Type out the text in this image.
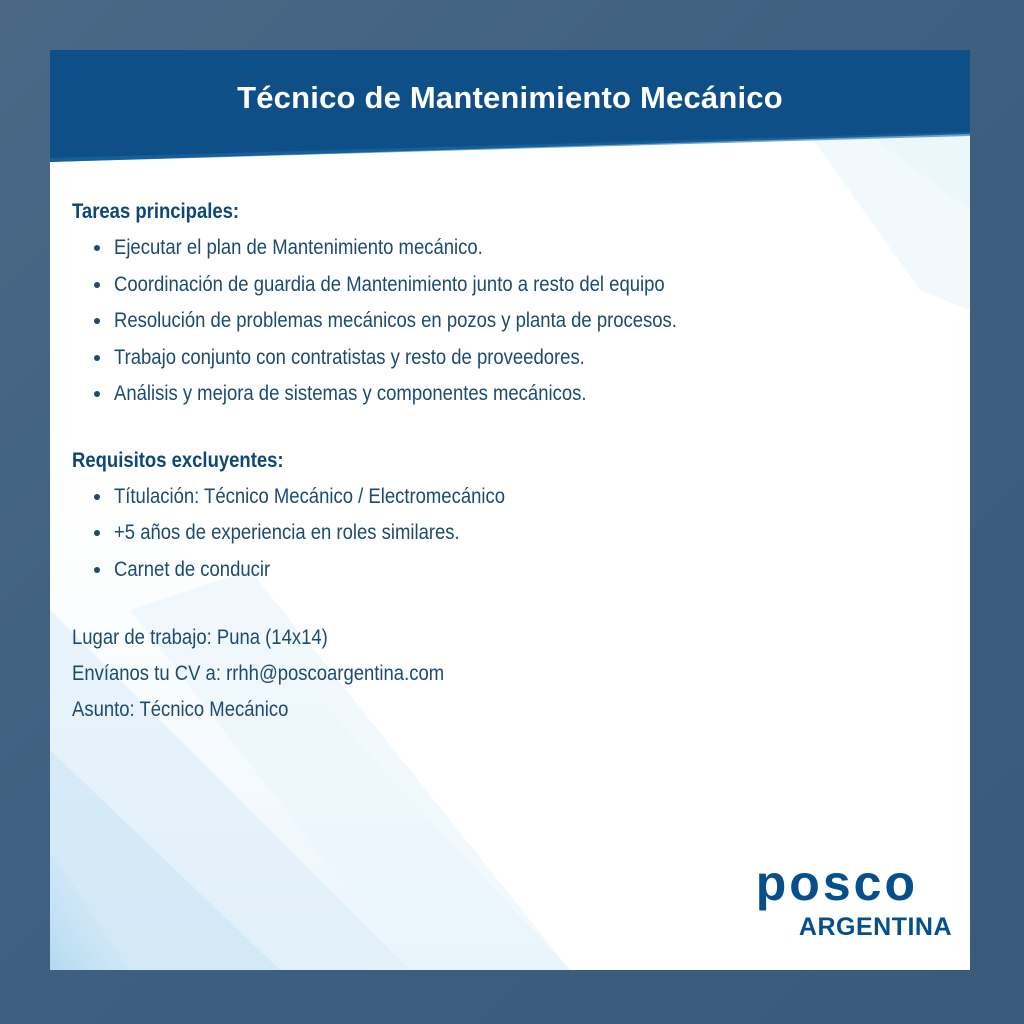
Técnico de Mantenimiento Mecánico
Tareas principales:
Ejecutar el plan de Mantenimiento mecánico.
Coordinación de guardia de Mantenimiento junto a resto del equipo
Resolución de problemas mecánicos en pozos y planta de procesos.
Trabajo conjunto con contratistas y resto de proveedores.
Análisis y mejora de sistemas y componentes mecánicos.
Requisitos excluyentes:
Títulación: Técnico Mecánico / Electromecánico
+5 años de experiencia en roles similares.
Carnet de conducir

Lugar de trabajo: Puna (14x14)

Envíanos tu CV a: rrhh@poscoargentina.com

Asunto: Técnico Mecánico

posco
ARGENTINA
